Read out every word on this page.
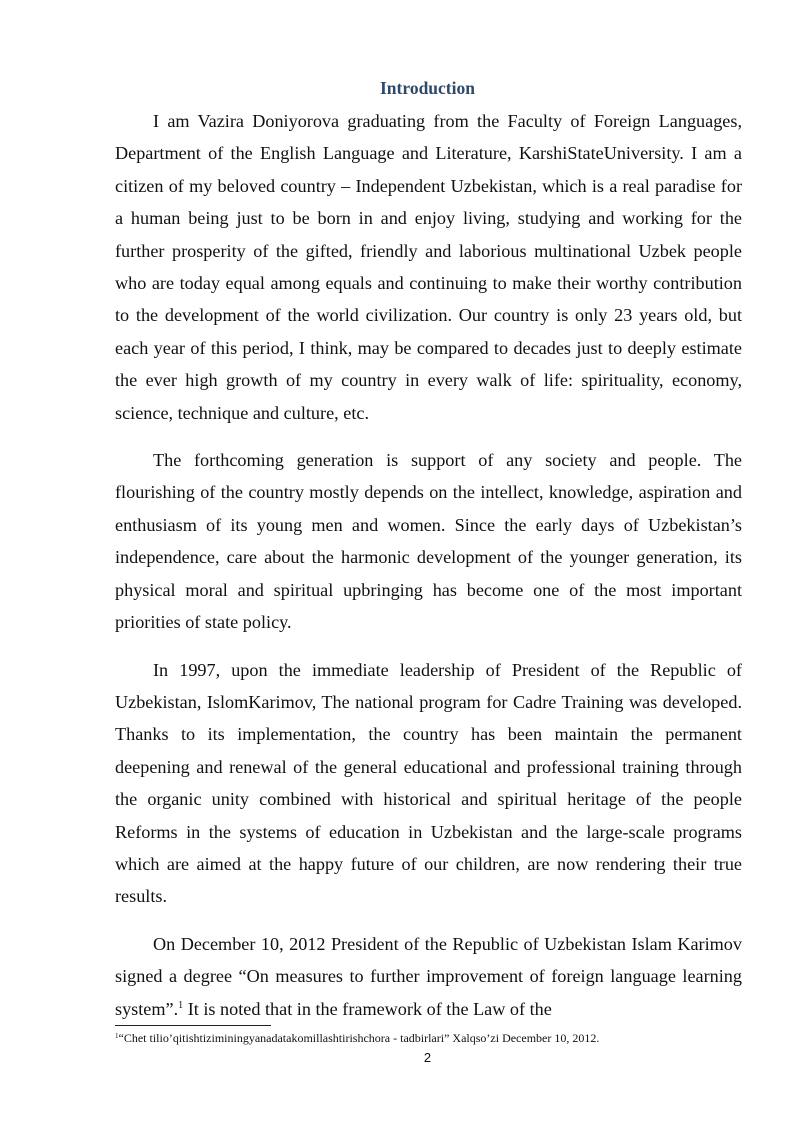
Introduction

I am Vazira Doniyorova graduating from the Faculty of Foreign Languages, Department of the English Language and Literature, KarshiStateUniversity. I am a citizen of my beloved country – Independent Uzbekistan, which is a real paradise for a human being just to be born in and enjoy living, studying and working for the further prosperity of the gifted, friendly and laborious multinational Uzbek people who are today equal among equals and continuing to make their worthy contribution to the development of the world civilization. Our country is only 23 years old, but each year of this period, I think, may be compared to decades just to deeply estimate the ever high growth of my country in every walk of life: spirituality, economy, science, technique and culture, etc.

The forthcoming generation is support of any society and people. The flourishing of the country mostly depends on the intellect, knowledge, aspiration and enthusiasm of its young men and women. Since the early days of Uzbekistan’s independence, care about the harmonic development of the younger generation, its physical moral and spiritual upbringing has become one of the most important priorities of state policy.

In 1997, upon the immediate leadership of President of the Republic of Uzbekistan, IslomKarimov, The national program for Cadre Training was developed. Thanks to its implementation, the country has been maintain the permanent deepening and renewal of the general educational and professional training through the organic unity combined with historical and spiritual heritage of the people Reforms in the systems of education in Uzbekistan and the large-scale programs which are aimed at the happy future of our children, are now rendering their true results.

On December 10, 2012 President of the Republic of Uzbekistan Islam Karimov signed a degree “On measures to further improvement of foreign language learning system”.$^1$ It is noted that in the framework of the Law of the

$^1$“Chet tilio’qitishtiziminingyanadatakomillashtirishchora - tadbirlari” Xalqso’zi December 10, 2012.

2
